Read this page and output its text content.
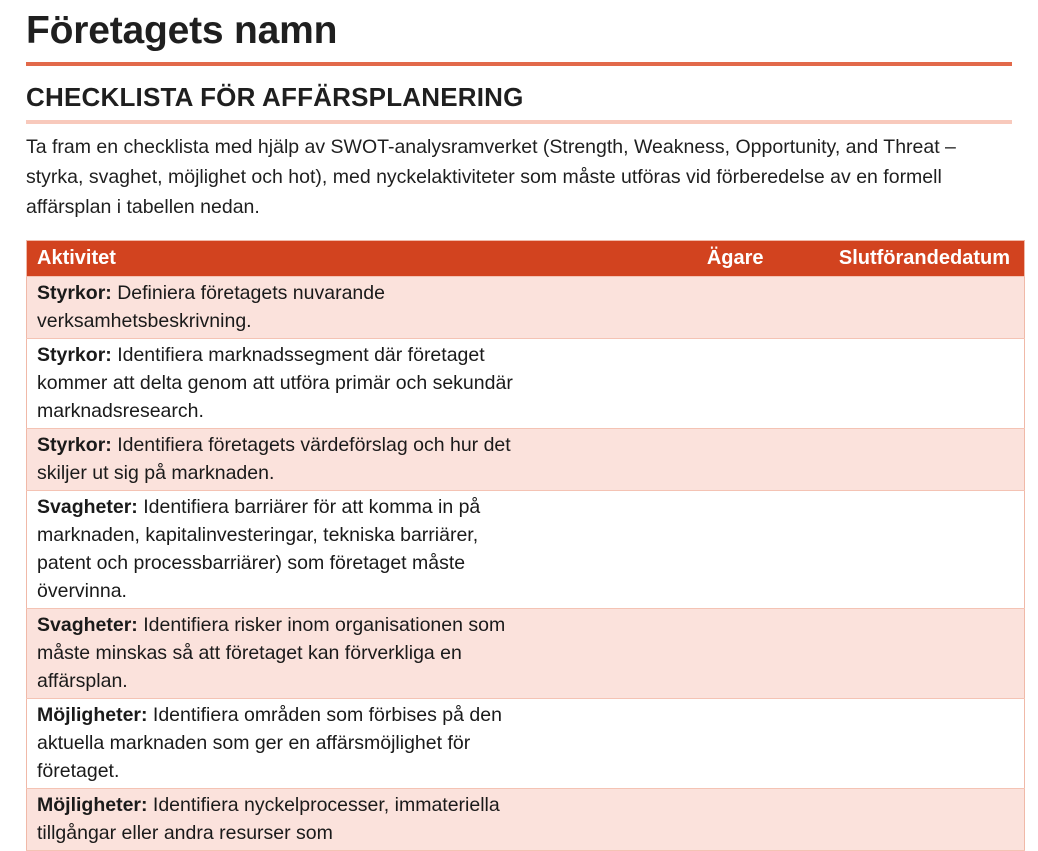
Företagets namn
CHECKLISTA FÖR AFFÄRSPLANERING

Ta fram en checklista med hjälp av SWOT-analysramverket (Strength, Weakness, Opportunity, and Threat – styrka, svaghet, möjlighet och hot), med nyckelaktiviteter som måste utföras vid förberedelse av en formell affärsplan i tabellen nedan.

Aktivitet	Ägare	Slutförandedatum
Styrkor: Definiera företagets nuvarande verksamhetsbeskrivning.		
Styrkor: Identifiera marknadssegment där företaget kommer att delta genom att utföra primär och sekundär marknadsresearch.		
Styrkor: Identifiera företagets värdeförslag och hur det skiljer ut sig på marknaden.		
Svagheter: Identifiera barriärer för att komma in på marknaden, kapitalinvesteringar, tekniska barriärer, patent och processbarriärer) som företaget måste övervinna.		
Svagheter: Identifiera risker inom organisationen som måste minskas så att företaget kan förverkliga en affärsplan.		
Möjligheter: Identifiera områden som förbises på den aktuella marknaden som ger en affärsmöjlighet för företaget.		
Möjligheter: Identifiera nyckelprocesser, immateriella tillgångar eller andra resurser som		
